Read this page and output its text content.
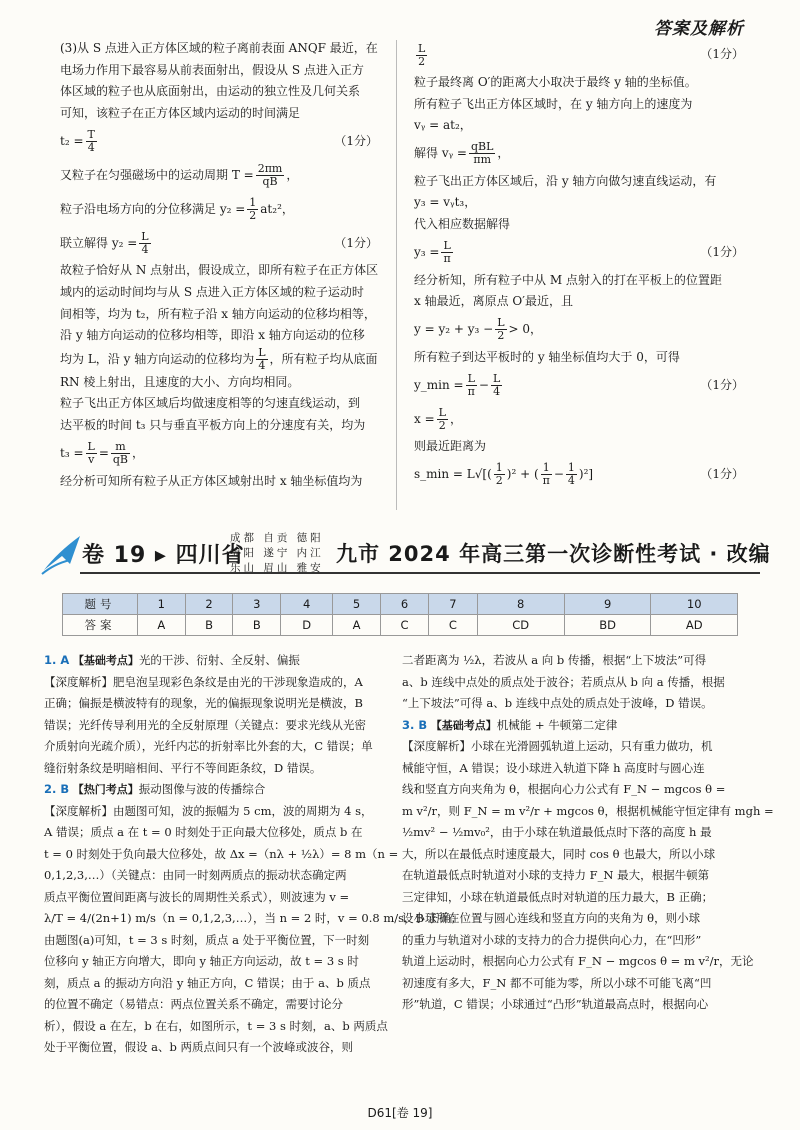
答案及解析
(3)从 S 点进入正方体区域的粒子离前表面 ANQF 最近，在
电场力作用下最容易从前表面射出，假设从 S 点进入正方
体区域的粒子也从底面射出，由运动的独立性及几何关系
可知，该粒子在正方体区域内运动的时间满足
$t_2 = \frac{T}{4}$	（1分）
又粒子在匀强磁场中的运动周期 $T = \frac{2\pi m}{qB}$ ，
粒子沿电场方向的分位移满足 $y_2 = \frac{1}{2} at_2^2$，
联立解得 $y_2 = \frac{L}{4}$	（1分）
故粒子恰好从 N 点射出，假设成立，即所有粒子在正方体区
域内的运动时间均与从 S 点进入正方体区域的粒子运动时
间相等，均为 t₂，所有粒子沿 x 轴方向运动的位移均相等，
沿 y 轴方向运动的位移均相等，即沿 x 轴方向运动的位移
均为 L，沿 y 轴方向运动的位移均为 $\frac{L}{4}$ ，所有粒子均从底面
RN 棱上射出，且速度的大小、方向均相同。
粒子飞出正方体区域后均做速度相等的匀速直线运动，到
达平板的时间 t₃ 只与垂直平板方向上的分速度有关，均为
$t_3 = \frac{L}{v} = \frac{m}{qB}$ ，
经分析可知所有粒子从正方体区域射出时 x 轴坐标值均为
$\frac{L}{2}$	（1分）
粒子最终离 O′的距离大小取决于最终 y 轴的坐标值。
所有粒子飞出正方体区域时，在 y 轴方向上的速度为
vᵧ = at₂，
解得 vᵧ = $\frac{\text{qBL}}{\pi m}$ ，
粒子飞出正方体区域后，沿 y 轴方向做匀速直线运动，有
y₃ = vᵧt₃，
代入相应数据解得
$y_3 = \frac{L}{\pi}$	（1分）
经分析知，所有粒子中从 M 点射入的打在平板上的位置距
x 轴最近，离原点 O′最近，且
$y = y_2 + y_3 - \frac{L}{2} > 0$，
所有粒子到达平板时的 y 轴坐标值均大于 0，可得
y_min = $\frac{L}{\pi} - \frac{L}{4}$	（1分）
$x = \frac{L}{2}$ ，
则最近距离为
s_min = $L√[( \frac{1}{2} )^2$ + ( $\frac{1}{\pi} - \frac{1}{4} )^2$]	（1分）
卷 19 ▸ 四川省
成都 自贡 德阳
绵阳 遂宁 内江
乐山 眉山 雅安
九市 2024 年高三第一次诊断性考试 · 改编
题号	1	2	3	4	5	6	7	8	9	10
答案	A	B	B	D	A	C	C	CD	BD	AD
1. A 【基础考点】光的干涉、衍射、全反射、偏振
【深度解析】肥皂泡呈现彩色条纹是由光的干涉现象造成的，A
正确；偏振是横波特有的现象，光的偏振现象说明光是横波，B
错误；光纤传导利用光的全反射原理（关键点：要求光线从光密
介质射向光疏介质），光纤内芯的折射率比外套的大，C 错误；单
缝衍射条纹是明暗相间、平行不等间距条纹，D 错误。
2. B 【热门考点】振动图像与波的传播综合
【深度解析】由题图可知，波的振幅为 5 cm，波的周期为 4 s，
A 错误；质点 a 在 t = 0 时刻处于正向最大位移处，质点 b 在
t = 0 时刻处于负向最大位移处，故 Δx =（nλ + ½λ）= 8 m（n =
0,1,2,3,…）（关键点：由同一时刻两质点的振动状态确定两
质点平衡位置间距离与波长的周期性关系式），则波速为 v =
λ/T = 4/(2n+1) m/s（n = 0,1,2,3,…），当 n = 2 时，v = 0.8 m/s，B 正确；
由题图(a)可知，t = 3 s 时刻，质点 a 处于平衡位置，下一时刻
位移向 y 轴正方向增大，即向 y 轴正方向运动，故 t = 3 s 时
刻，质点 a 的振动方向沿 y 轴正方向，C 错误；由于 a、b 质点
的位置不确定（易错点：两点位置关系不确定，需要讨论分
析），假设 a 在左，b 在右，如图所示，t = 3 s 时刻，a、b 两质点
处于平衡位置，假设 a、b 两质点间只有一个波峰或波谷，则
二者距离为 ½λ，若波从 a 向 b 传播，根据“上下坡法”可得
a、b 连线中点处的质点处于波谷；若质点从 b 向 a 传播，根据
“上下坡法”可得 a、b 连线中点处的质点处于波峰，D 错误。
3. B 【基础考点】机械能 + 牛顿第二定律
【深度解析】小球在光滑圆弧轨道上运动，只有重力做功，机
械能守恒，A 错误；设小球进入轨道下降 h 高度时与圆心连
线和竖直方向夹角为 θ，根据向心力公式有 F_N − mgcos θ =
m v²/r，则 F_N = m v²/r + mgcos θ，根据机械能守恒定律有 mgh =
½mv² − ½mv₀²，由于小球在轨道最低点时下落的高度 h 最
大，所以在最低点时速度最大，同时 cos θ 也最大，所以小球
在轨道最低点时轨道对小球的支持力 F_N 最大，根据牛顿第
三定律知，小球在轨道最低点时对轨道的压力最大，B 正确；
设小球所在位置与圆心连线和竖直方向的夹角为 θ，则小球
的重力与轨道对小球的支持力的合力提供向心力，在“凹形”
轨道上运动时，根据向心力公式有 F_N − mgcos θ = m v²/r，无论
初速度有多大，F_N 都不可能为零，所以小球不可能飞离“凹
形”轨道，C 错误；小球通过“凸形”轨道最高点时，根据向心
D61[卷 19]
